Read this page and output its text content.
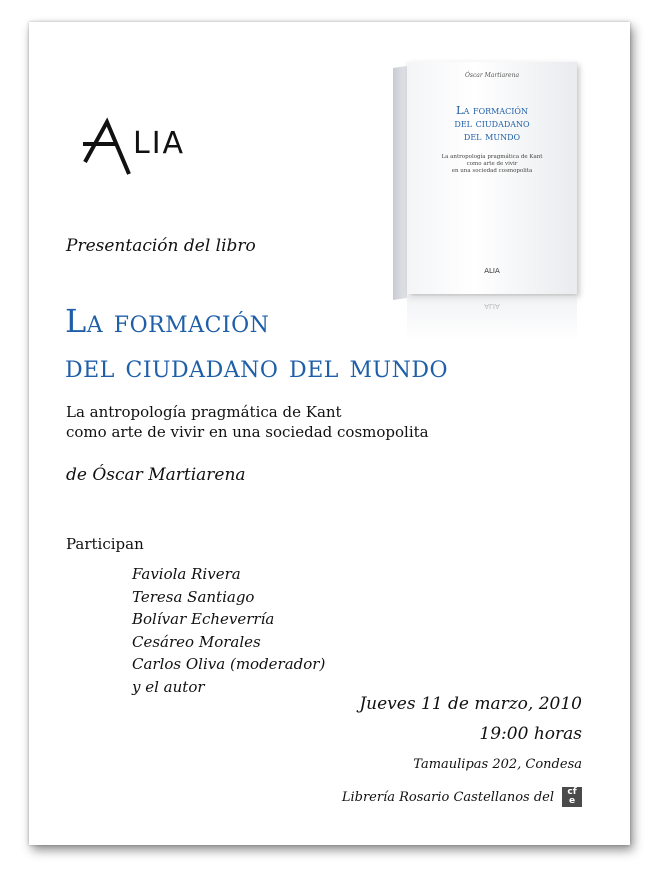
LIA
Óscar Martiarena
La formación
del ciudadano
del mundo
La antropología pragmática de Kant
como arte de vivir
en una sociedad cosmopolita
ALIA
ALIA
Presentación del libro
La formación
del ciudadano del mundo
La antropología pragmática de Kant
como arte de vivir en una sociedad cosmopolita
de Óscar Martiarena
Participan
Faviola Rivera
Teresa Santiago
Bolívar Echeverría
Cesáreo Morales
Carlos Oliva (moderador)
y el autor
Jueves 11 de marzo, 2010
19:00 horas
Tamaulipas 202, Condesa
Librería Rosario Castellanos del cf
e
